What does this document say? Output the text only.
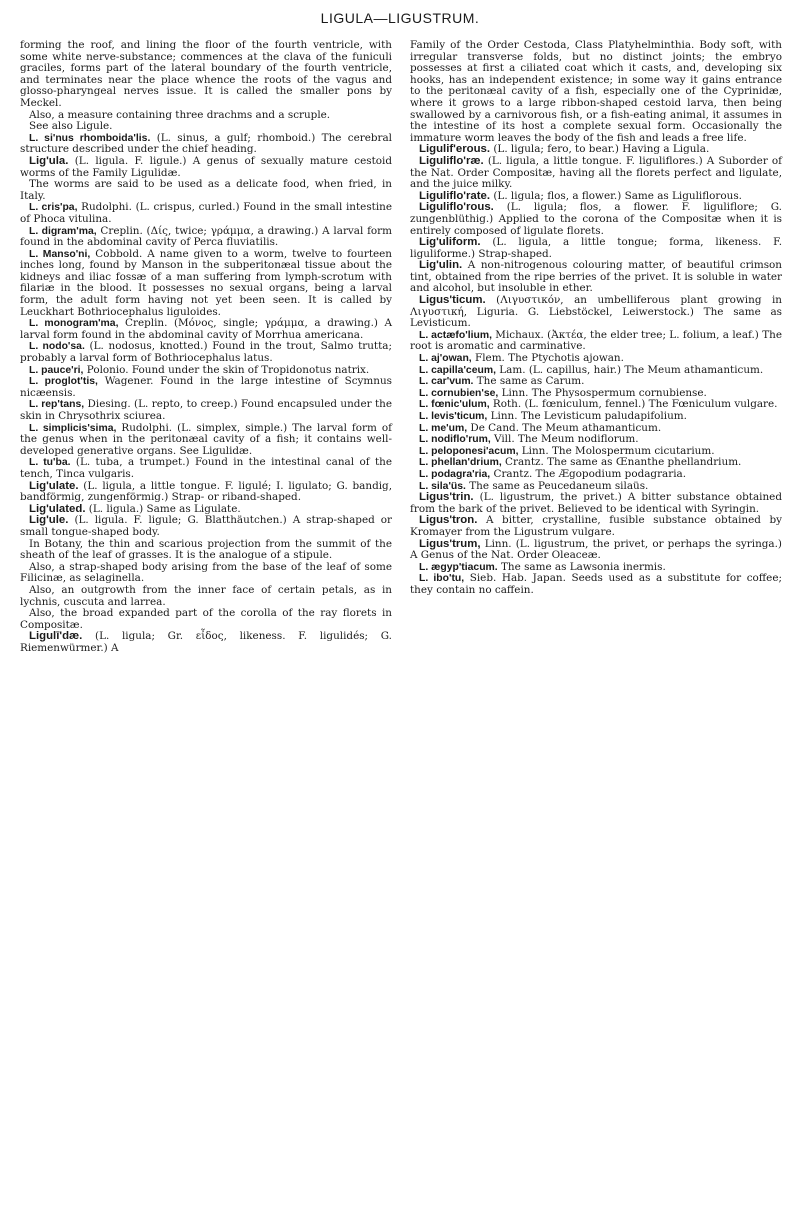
LIGULA—LIGUSTRUM.

forming the roof, and lining the floor of the fourth ventricle, with some white nerve-substance; commences at the clava of the funiculi graciles, forms part of the lateral boundary of the fourth ventricle, and terminates near the place whence the roots of the vagus and glosso-pharyngeal nerves issue. It is called the smaller pons by Meckel.

Also, a measure containing three drachms and a scruple.

See also Ligule.

L. si'nus rhomboida'lis. (L. sinus, a gulf; rhomboid.) The cerebral structure described under the chief heading.

Lig'ula. (L. ligula. F. ligule.) A genus of sexually mature cestoid worms of the Family Ligulidæ.

The worms are said to be used as a delicate food, when fried, in Italy.

L. cris'pa, Rudolphi. (L. crispus, curled.) Found in the small intestine of Phoca vitulina.

L. digram'ma, Creplin. (Δίς, twice; γράμμα, a drawing.) A larval form found in the abdominal cavity of Perca fluviatilis.

L. Manso'ni, Cobbold. A name given to a worm, twelve to fourteen inches long, found by Manson in the subperitonæal tissue about the kidneys and iliac fossæ of a man suffering from lymph-scrotum with filariæ in the blood. It possesses no sexual organs, being a larval form, the adult form having not yet been seen. It is called by Leuckhart Bothriocephalus liguloides.

L. monogram'ma, Creplin. (Μόνος, single; γράμμα, a drawing.) A larval form found in the abdominal cavity of Morrhua americana.

L. nodo'sa. (L. nodosus, knotted.) Found in the trout, Salmo trutta; probably a larval form of Bothriocephalus latus.

L. pauce'ri, Polonio. Found under the skin of Tropidonotus natrix.

L. proglot'tis, Wagener. Found in the large intestine of Scymnus nicæensis.

L. rep'tans, Diesing. (L. repto, to creep.) Found encapsuled under the skin in Chrysothrix sciurea.

L. simplicis'sima, Rudolphi. (L. simplex, simple.) The larval form of the genus when in the peritonæal cavity of a fish; it contains well-developed generative organs. See Ligulidæ.

L. tu'ba. (L. tuba, a trumpet.) Found in the intestinal canal of the tench, Tinca vulgaris.

Lig'ulate. (L. ligula, a little tongue. F. ligulé; I. ligulato; G. bandig, bandförmig, zungenförmig.) Strap- or riband-shaped.

Lig'ulated. (L. ligula.) Same as Ligulate.

Lig'ule. (L. ligula. F. ligule; G. Blatthäutchen.) A strap-shaped or small tongue-shaped body.

In Botany, the thin and scarious projection from the summit of the sheath of the leaf of grasses. It is the analogue of a stipule.

Also, a strap-shaped body arising from the base of the leaf of some Filicinæ, as selaginella.

Also, an outgrowth from the inner face of certain petals, as in lychnis, cuscuta and larrea.

Also, the broad expanded part of the corolla of the ray florets in Compositæ.

Ligulī'dæ. (L. ligula; Gr. εἶδος, likeness. F. ligulidés; G. Riemenwürmer.) A

Family of the Order Cestoda, Class Platyhelminthia. Body soft, with irregular transverse folds, but no distinct joints; the embryo possesses at first a ciliated coat which it casts, and, developing six hooks, has an independent existence; in some way it gains entrance to the peritonæal cavity of a fish, especially one of the Cyprinidæ, where it grows to a large ribbon-shaped cestoid larva, then being swallowed by a carnivorous fish, or a fish-eating animal, it assumes in the intestine of its host a complete sexual form. Occasionally the immature worm leaves the body of the fish and leads a free life.

Ligulif'erous. (L. ligula; fero, to bear.) Having a Ligula.

Liguliflo'ræ. (L. ligula, a little tongue. F. liguliflores.) A Suborder of the Nat. Order Compositæ, having all the florets perfect and ligulate, and the juice milky.

Liguliflo'rate. (L. ligula; flos, a flower.) Same as Liguliflorous.

Liguliflo'rous. (L. ligula; flos, a flower. F. liguliflore; G. zungenblüthig.) Applied to the corona of the Compositæ when it is entirely composed of ligulate florets.

Lig'uliform. (L. ligula, a little tongue; forma, likeness. F. liguliforme.) Strap-shaped.

Lig'ulin. A non-nitrogenous colouring matter, of beautiful crimson tint, obtained from the ripe berries of the privet. It is soluble in water and alcohol, but insoluble in ether.

Ligus'ticum. (Λιγυστικόν, an umbelliferous plant growing in Λιγυστική, Liguria. G. Liebstöckel, Leiwerstock.) The same as Levisticum.

L. actæfo'lium, Michaux. (Ἀκτέα, the elder tree; L. folium, a leaf.) The root is aromatic and carminative.

L. aj'owan, Flem. The Ptychotis ajowan.

L. capilla'ceum, Lam. (L. capillus, hair.) The Meum athamanticum.

L. car'vum. The same as Carum.

L. cornubien'se, Linn. The Physospermum cornubiense.

L. fœnic'ulum, Roth. (L. fœniculum, fennel.) The Fœniculum vulgare.

L. levis'ticum, Linn. The Levisticum paludapifolium.

L. me'um, De Cand. The Meum athamanticum.

L. nodiflo'rum, Vill. The Meum nodiflorum.

L. peloponesi'acum, Linn. The Molospermum cicutarium.

L. phellan'drium, Crantz. The same as Œnanthe phellandrium.

L. podagra'ria, Crantz. The Ægopodium podagraria.

L. sila'üs. The same as Peucedaneum silaüs.

Ligus'trin. (L. ligustrum, the privet.) A bitter substance obtained from the bark of the privet. Believed to be identical with Syringin.

Ligus'tron. A bitter, crystalline, fusible substance obtained by Kromayer from the Ligustrum vulgare.

Ligus'trum, Linn. (L. ligustrum, the privet, or perhaps the syringa.) A Genus of the Nat. Order Oleaceæ.

L. ægyp'tiacum. The same as Lawsonia inermis.

L. ibo'tu, Sieb. Hab. Japan. Seeds used as a substitute for coffee; they contain no caffein.
